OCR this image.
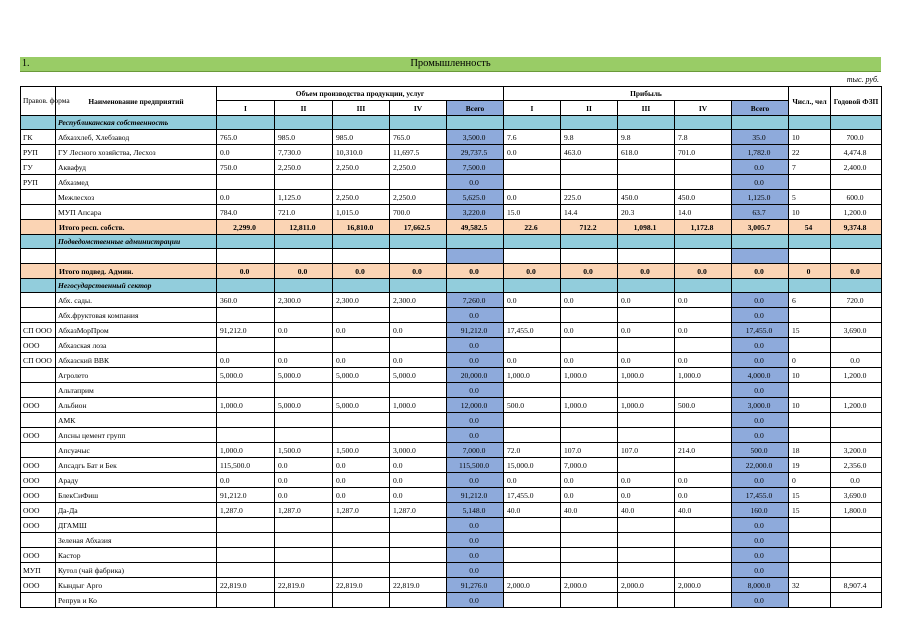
1.	Промышленность
тыс. руб.
Правов. форма	Наименование предприятий	Объем производства продукции, услуг					Прибыль					Числ., чел	Годовой ФЗП
		I	II	III	IV	Всего	I	II	III	IV	Всего		
	Республиканская собственность												
ГК	Абхазхлеб, Хлебзавод	765.0	985.0	985.0	765.0	3,500.0	7.6	9.8	9.8	7.8	35.0	10	700.0
РУП	ГУ Лесного хозяйства, Лесхоз	0.0	7,730.0	10,310.0	11,697.5	29,737.5	0.0	463.0	618.0	701.0	1,782.0	22	4,474.8
ГУ	Аквафуд	750.0	2,250.0	2,250.0	2,250.0	7,500.0					0.0	7	2,400.0
РУП	Абхазмед					0.0					0.0		
	Межлесхоз	0.0	1,125.0	2,250.0	2,250.0	5,625.0	0.0	225.0	450.0	450.0	1,125.0	5	600.0
	МУП Апсара	784.0	721.0	1,015.0	700.0	3,220.0	15.0	14.4	20.3	14.0	63.7	10	1,200.0
	Итого респ. собств.	2,299.0	12,811.0	16,810.0	17,662.5	49,582.5	22.6	712.2	1,098.1	1,172.8	3,005.7	54	9,374.8
	Подведомственные администрации												

	Итого подвед. Админ.	0.0	0.0	0.0	0.0	0.0	0.0	0.0	0.0	0.0	0.0	0	0.0
	Негосударственный сектор												
	Абх. сады.	360.0	2,300.0	2,300.0	2,300.0	7,260.0	0.0	0.0	0.0	0.0	0.0	6	720.0
	Абх.фруктовая компания					0.0					0.0		
СП ООО	АбхазМорПром	91,212.0	0.0	0.0	0.0	91,212.0	17,455.0	0.0	0.0	0.0	17,455.0	15	3,690.0
ООО	Абхазская лоза					0.0					0.0		
СП ООО	Абхазский ВВК	0.0	0.0	0.0	0.0	0.0	0.0	0.0	0.0	0.0	0.0	0	0.0
	Агролето	5,000.0	5,000.0	5,000.0	5,000.0	20,000.0	1,000.0	1,000.0	1,000.0	1,000.0	4,000.0	10	1,200.0
	Альтаприм					0.0					0.0		
ООО	Альбион	1,000.0	5,000.0	5,000.0	1,000.0	12,000.0	500.0	1,000.0	1,000.0	500.0	3,000.0	10	1,200.0
	АМК					0.0					0.0		
ООО	Апсны цемент групп					0.0					0.0		
	Апсуачыс	1,000.0	1,500.0	1,500.0	3,000.0	7,000.0	72.0	107.0	107.0	214.0	500.0	18	3,200.0
ООО	Апсадгь Бат и Бек	115,500.0	0.0	0.0	0.0	115,500.0	15,000.0	7,000.0			22,000.0	19	2,356.0
ООО	Араду	0.0	0.0	0.0	0.0	0.0	0.0	0.0	0.0	0.0	0.0	0	0.0
ООО	БлекСиФиш	91,212.0	0.0	0.0	0.0	91,212.0	17,455.0	0.0	0.0	0.0	17,455.0	15	3,690.0
ООО	Да-Да	1,287.0	1,287.0	1,287.0	1,287.0	5,148.0	40.0	40.0	40.0	40.0	160.0	15	1,800.0
ООО	ДГАМШ					0.0					0.0		
	Зеленая Абхазия					0.0					0.0		
ООО	Кастор					0.0					0.0		
МУП	Кутол (чай фабрика)					0.0					0.0		
ООО	Кындыг Арго	22,819.0	22,819.0	22,819.0	22,819.0	91,276.0	2,000.0	2,000.0	2,000.0	2,000.0	8,000.0	32	8,907.4
	Репрув и Ко					0.0					0.0		
